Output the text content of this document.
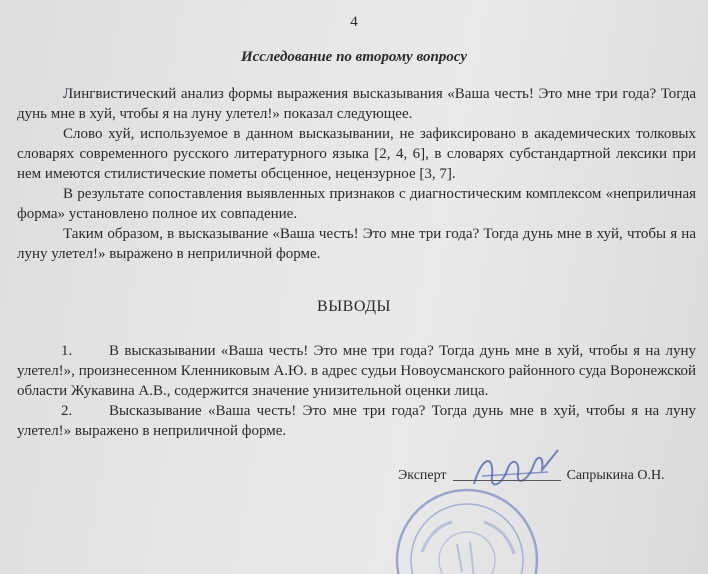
4
Исследование по второму вопросу

Лингвистический анализ формы выражения высказывания «Ваша честь! Это мне три года? Тогда дунь мне в хуй, чтобы я на луну улетел!» показал следующее.

Слово хуй, используемое в данном высказывании, не зафиксировано в академических толковых словарях современного русского литературного языка [2, 4, 6], в словарях субстандартной лексики при нем имеются стилистические пометы обсценное, нецензурное [3, 7].

В результате сопоставления выявленных признаков с диагностическим комплексом «неприличная форма» установлено полное их совпадение.

Таким образом, в высказывание «Ваша честь! Это мне три года? Тогда дунь мне в хуй, чтобы я на луну улетел!» выражено в неприличной форме.

ВЫВОДЫ

1. В высказывании «Ваша честь! Это мне три года? Тогда дунь мне в хуй, чтобы я на луну улетел!», произнесенном Кленниковым А.Ю. в адрес судьи Новоусманского районного суда Воронежской области Жукавина А.В., содержится значение унизительной оценки лица.

2. Высказывание «Ваша честь! Это мне три года? Тогда дунь мне в хуй, чтобы я на луну улетел!» выражено в неприличной форме.

Эксперт	Сапрыкина О.Н.
